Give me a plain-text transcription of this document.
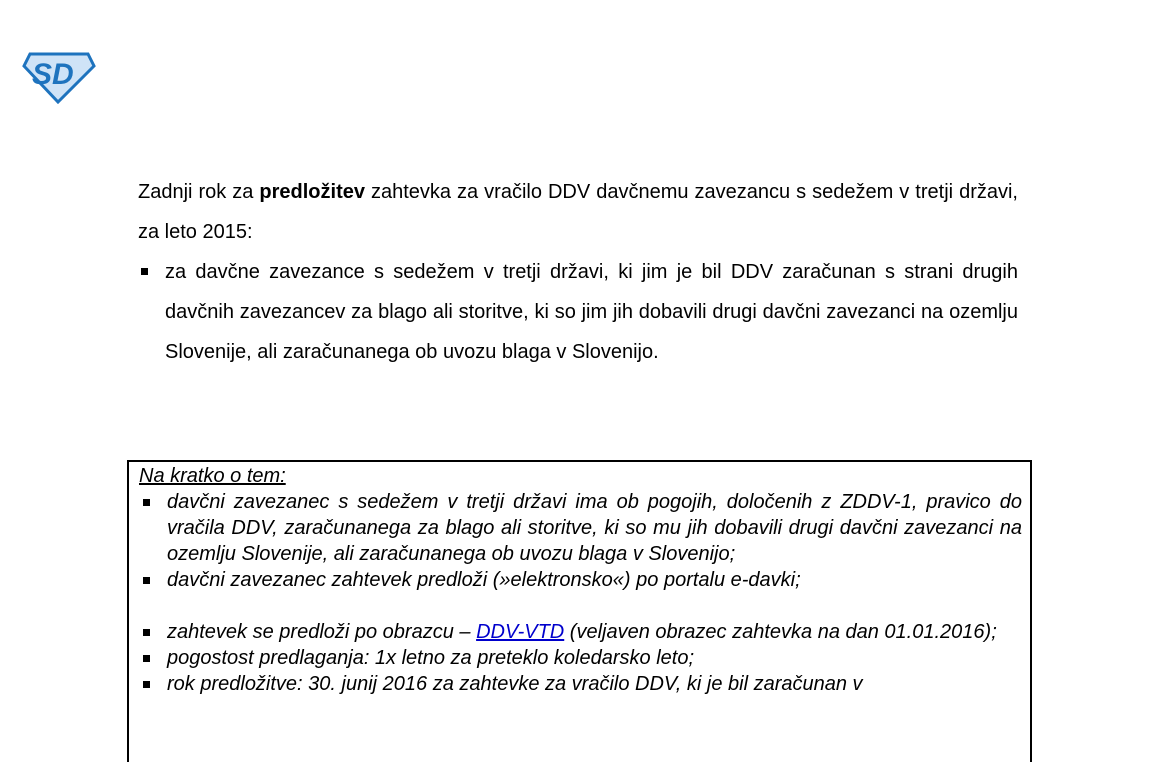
SD
Zadnji rok za predložitev zahtevka za vračilo DDV davčnemu zavezancu s sedežem v tretji državi, za leto 2015:
za davčne zavezance s sedežem v tretji državi, ki jim je bil DDV zaračunan s strani drugih davčnih zavezancev za blago ali storitve, ki so jim jih dobavili drugi davčni zavezanci na ozemlju Slovenije, ali zaračunanega ob uvozu blaga v Slovenijo.
Na kratko o tem:
davčni zavezanec s sedežem v tretji državi ima ob pogojih, določenih z ZDDV-1, pravico do vračila DDV, zaračunanega za blago ali storitve, ki so mu jih dobavili drugi davčni zavezanci na ozemlju Slovenije, ali zaračunanega ob uvozu blaga v Slovenijo;
davčni zavezanec zahtevek predloži (»elektronsko«) po portalu e-davki;
zahtevek se predloži po obrazcu – DDV-VTD (veljaven obrazec zahtevka na dan 01.01.2016);
pogostost predlaganja: 1x letno za preteklo koledarsko leto;
rok predložitve: 30. junij 2016 za zahtevke za vračilo DDV, ki je bil zaračunan v
